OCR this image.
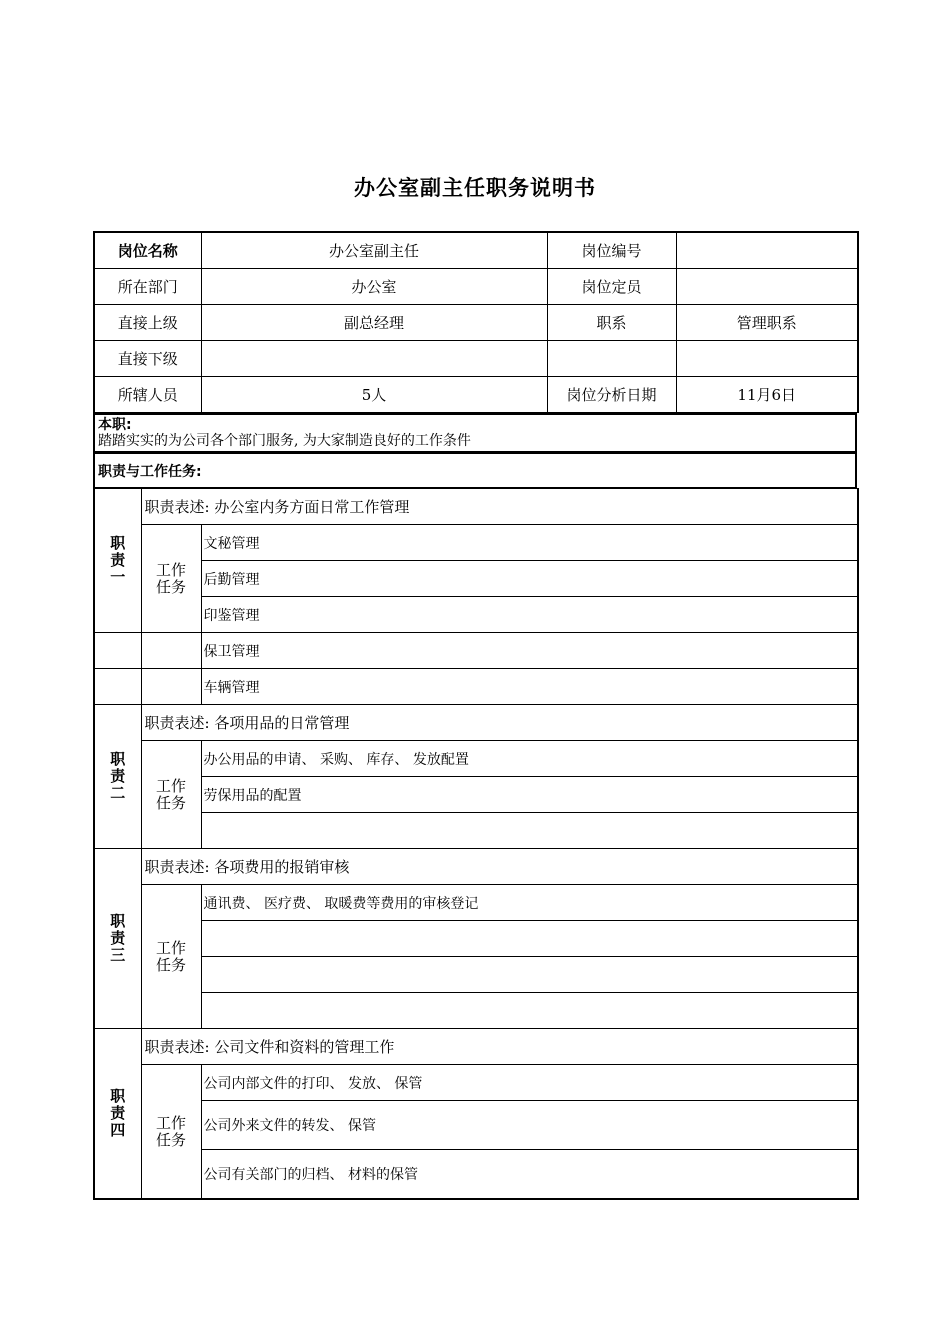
办公室副主任职务说明书
岗位名称	办公室副主任	岗位编号	
所在部门	办公室	岗位定员	
直接上级	副总经理	职系	管理职系
直接下级			
所辖人员	5人	岗位分析日期	11月6日
本职:
踏踏实实的为公司各个部门服务, 为大家制造良好的工作条件
职责与工作任务:
职责一	职责表述: 办公室内务方面日常工作管理	
	工作任务	文秘管理
		后勤管理
		印鉴管理
		保卫管理
		车辆管理
职责二	职责表述: 各项用品的日常管理	
	工作任务	办公用品的申请、 采购、 库存、 发放配置
		劳保用品的配置

职责三	职责表述: 各项费用的报销审核	
	工作任务	通讯费、 医疗费、 取暖费等费用的审核登记

职责四	职责表述: 公司文件和资料的管理工作	
	工作任务	公司内部文件的打印、 发放、 保管
		公司外来文件的转发、 保管
		公司有关部门的归档、 材料的保管
